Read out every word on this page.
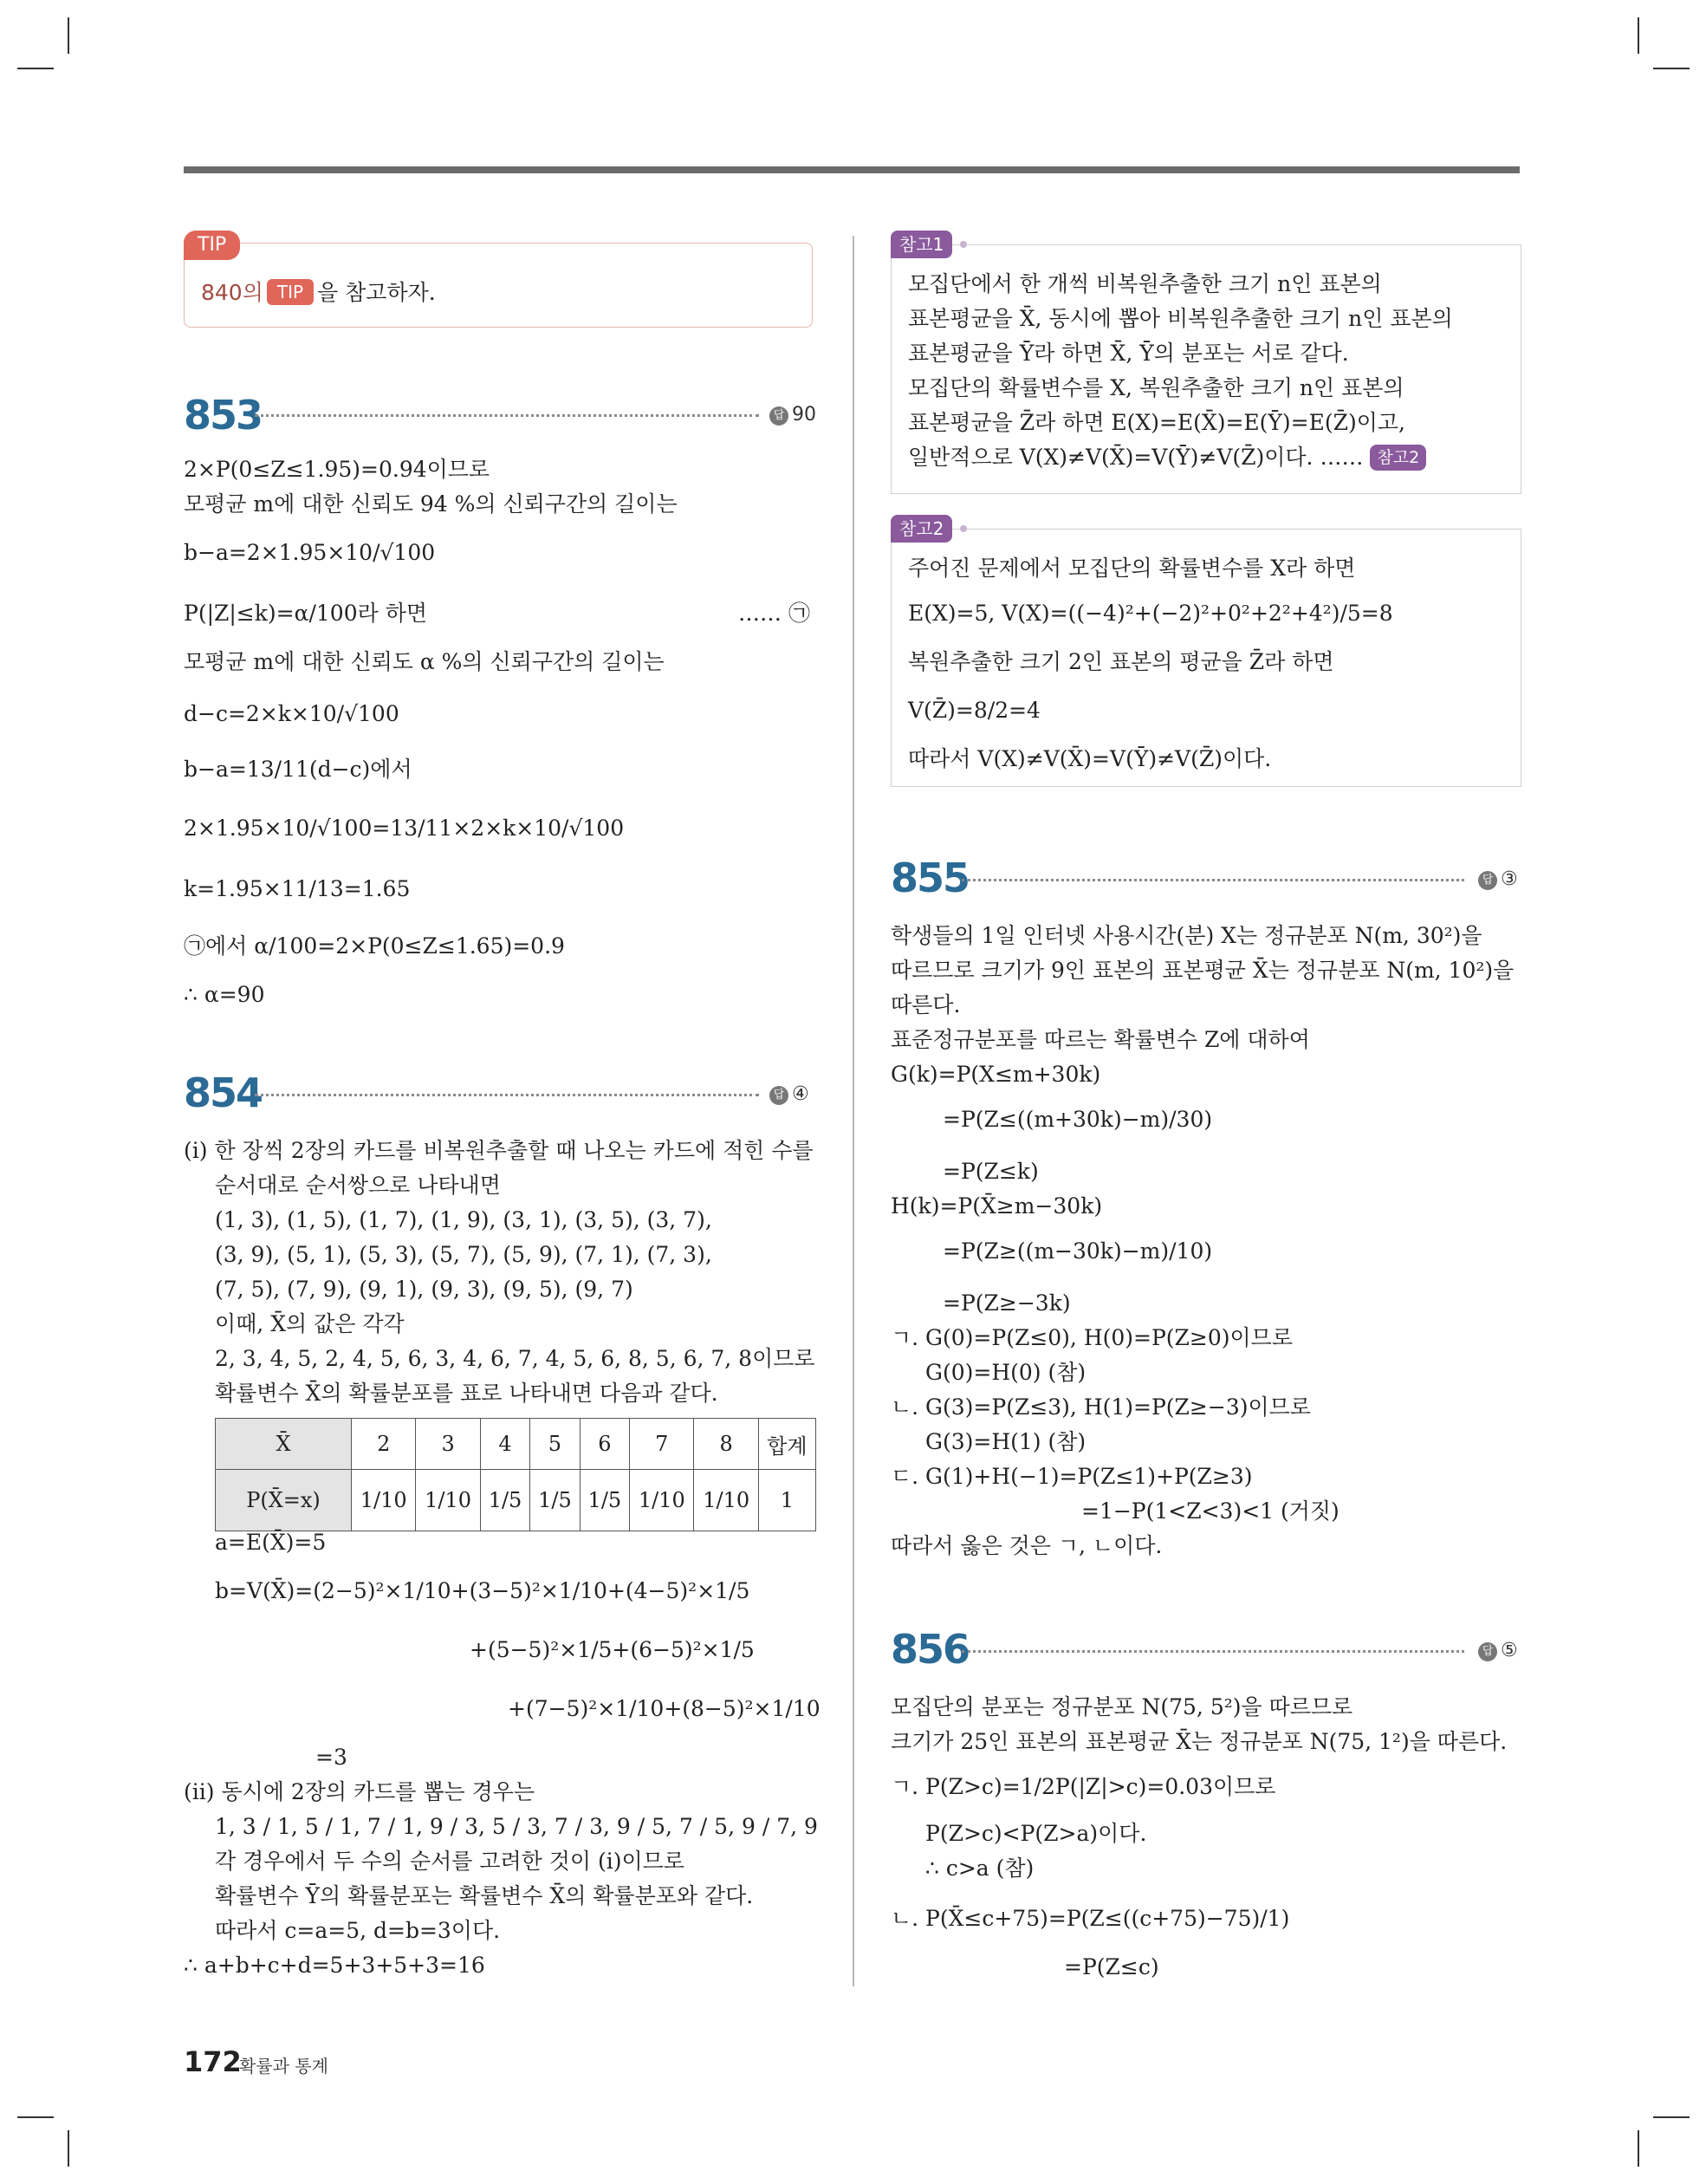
TIP
840의 TIP 을 참고하자.
853	답 90
2×P(0≤Z≤1.95)=0.94이므로
모평균 m에 대한 신뢰도 94 %의 신뢰구간의 길이는
b−a=2×1.95×10/√100
P(|Z|≤k)=α/100라 하면	…… ㉠
모평균 m에 대한 신뢰도 α %의 신뢰구간의 길이는
d−c=2×k×10/√100
b−a=13/11(d−c)에서
2×1.95×10/√100=13/11×2×k×10/√100
k=1.95×11/13=1.65
㉠에서 α/100=2×P(0≤Z≤1.65)=0.9
∴ α=90
854	답 ④
(i) 한 장씩 2장의 카드를 비복원추출할 때 나오는 카드에 적힌 수를
순서대로 순서쌍으로 나타내면
(1, 3), (1, 5), (1, 7), (1, 9), (3, 1), (3, 5), (3, 7),
(3, 9), (5, 1), (5, 3), (5, 7), (5, 9), (7, 1), (7, 3),
(7, 5), (7, 9), (9, 1), (9, 3), (9, 5), (9, 7)
이때, X̄의 값은 각각
2, 3, 4, 5, 2, 4, 5, 6, 3, 4, 6, 7, 4, 5, 6, 8, 5, 6, 7, 8이므로
확률변수 X̄의 확률분포를 표로 나타내면 다음과 같다.
X̄	2	3	4	5	6	7	8	합계
P(X̄=x)	1/10	1/10	1/5	1/5	1/5	1/10	1/10	1
a=E(X̄)=5
b=V(X̄)=(2−5)²×1/10+(3−5)²×1/10+(4−5)²×1/5
+(5−5)²×1/5+(6−5)²×1/5
+(7−5)²×1/10+(8−5)²×1/10
=3
(ii) 동시에 2장의 카드를 뽑는 경우는
1, 3 / 1, 5 / 1, 7 / 1, 9 / 3, 5 / 3, 7 / 3, 9 / 5, 7 / 5, 9 / 7, 9
각 경우에서 두 수의 순서를 고려한 것이 (i)이므로
확률변수 Ȳ의 확률분포는 확률변수 X̄의 확률분포와 같다.
따라서 c=a=5, d=b=3이다.
∴ a+b+c+d=5+3+5+3=16
참고1
모집단에서 한 개씩 비복원추출한 크기 n인 표본의
표본평균을 X̄, 동시에 뽑아 비복원추출한 크기 n인 표본의
표본평균을 Ȳ라 하면 X̄, Ȳ의 분포는 서로 같다.
모집단의 확률변수를 X, 복원추출한 크기 n인 표본의
표본평균을 Z̄라 하면 E(X)=E(X̄)=E(Ȳ)=E(Z̄)이고,
일반적으로 V(X)≠V(X̄)=V(Ȳ)≠V(Z̄)이다. …… 참고2
참고2
주어진 문제에서 모집단의 확률변수를 X라 하면
E(X)=5, V(X)=((−4)²+(−2)²+0²+2²+4²)/5=8
복원추출한 크기 2인 표본의 평균을 Z̄라 하면
V(Z̄)=8/2=4
따라서 V(X)≠V(X̄)=V(Ȳ)≠V(Z̄)이다.
855	답 ③
학생들의 1일 인터넷 사용시간(분) X는 정규분포 N(m, 30²)을
따르므로 크기가 9인 표본의 표본평균 X̄는 정규분포 N(m, 10²)을
따른다.
표준정규분포를 따르는 확률변수 Z에 대하여
G(k)=P(X≤m+30k)
=P(Z≤((m+30k)−m)/30)
=P(Z≤k)
H(k)=P(X̄≥m−30k)
=P(Z≥((m−30k)−m)/10)
=P(Z≥−3k)
ㄱ. G(0)=P(Z≤0), H(0)=P(Z≥0)이므로
G(0)=H(0) (참)
ㄴ. G(3)=P(Z≤3), H(1)=P(Z≥−3)이므로
G(3)=H(1) (참)
ㄷ. G(1)+H(−1)=P(Z≤1)+P(Z≥3)
=1−P(1<Z<3)<1 (거짓)
따라서 옳은 것은 ㄱ, ㄴ이다.
856	답 ⑤
모집단의 분포는 정규분포 N(75, 5²)을 따르므로
크기가 25인 표본의 표본평균 X̄는 정규분포 N(75, 1²)을 따른다.
ㄱ. P(Z>c)=1/2P(|Z|>c)=0.03이므로
P(Z>c)<P(Z>a)이다.
∴ c>a (참)
ㄴ. P(X̄≤c+75)=P(Z≤((c+75)−75)/1)
=P(Z≤c)
172
확률과 통계
